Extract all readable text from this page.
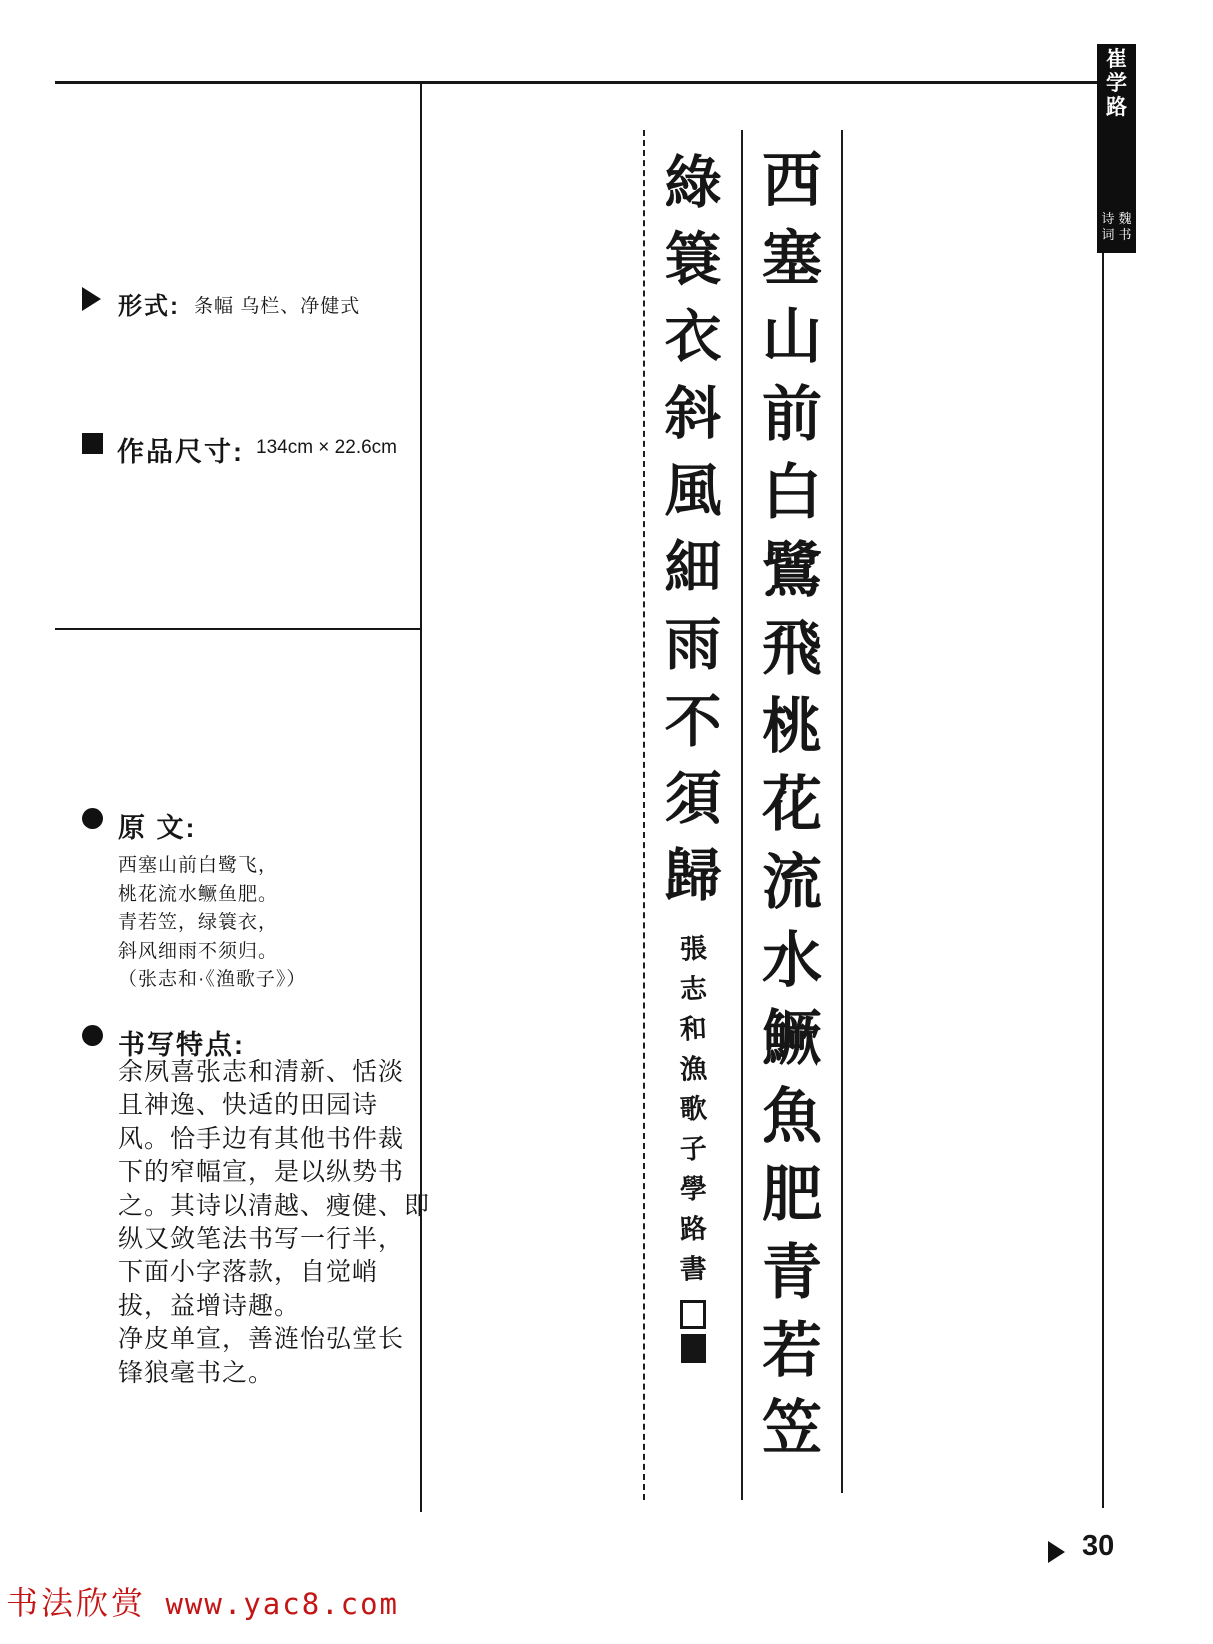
崔
学
路
诗
词
魏
书
形式: 条幅 乌栏、净健式
作品尺寸: 134cm × 22.6cm
原 文:
西塞山前白鹭飞，
桃花流水鳜鱼肥。
青若笠，绿簑衣，
斜风细雨不须归。
（张志和·《渔歌子》）
书写特点:
余夙喜张志和清新、恬淡
且神逸、快适的田园诗
风。恰手边有其他书件裁
下的窄幅宣，是以纵势书
之。其诗以清越、瘦健、即
纵又敛笔法书写一行半，
下面小字落款，自觉峭
拔，益增诗趣。
净皮单宣，善涟怡弘堂长
锋狼毫书之。
綠
簑
衣
斜
風
細
雨
不
須
歸
張
志
和
漁
歌
子
學
路
書
西
塞
山
前
白
鷺
飛
桃
花
流
水
鱖
魚
肥
青
若
笠
书法欣赏 www.yac8.com
30
